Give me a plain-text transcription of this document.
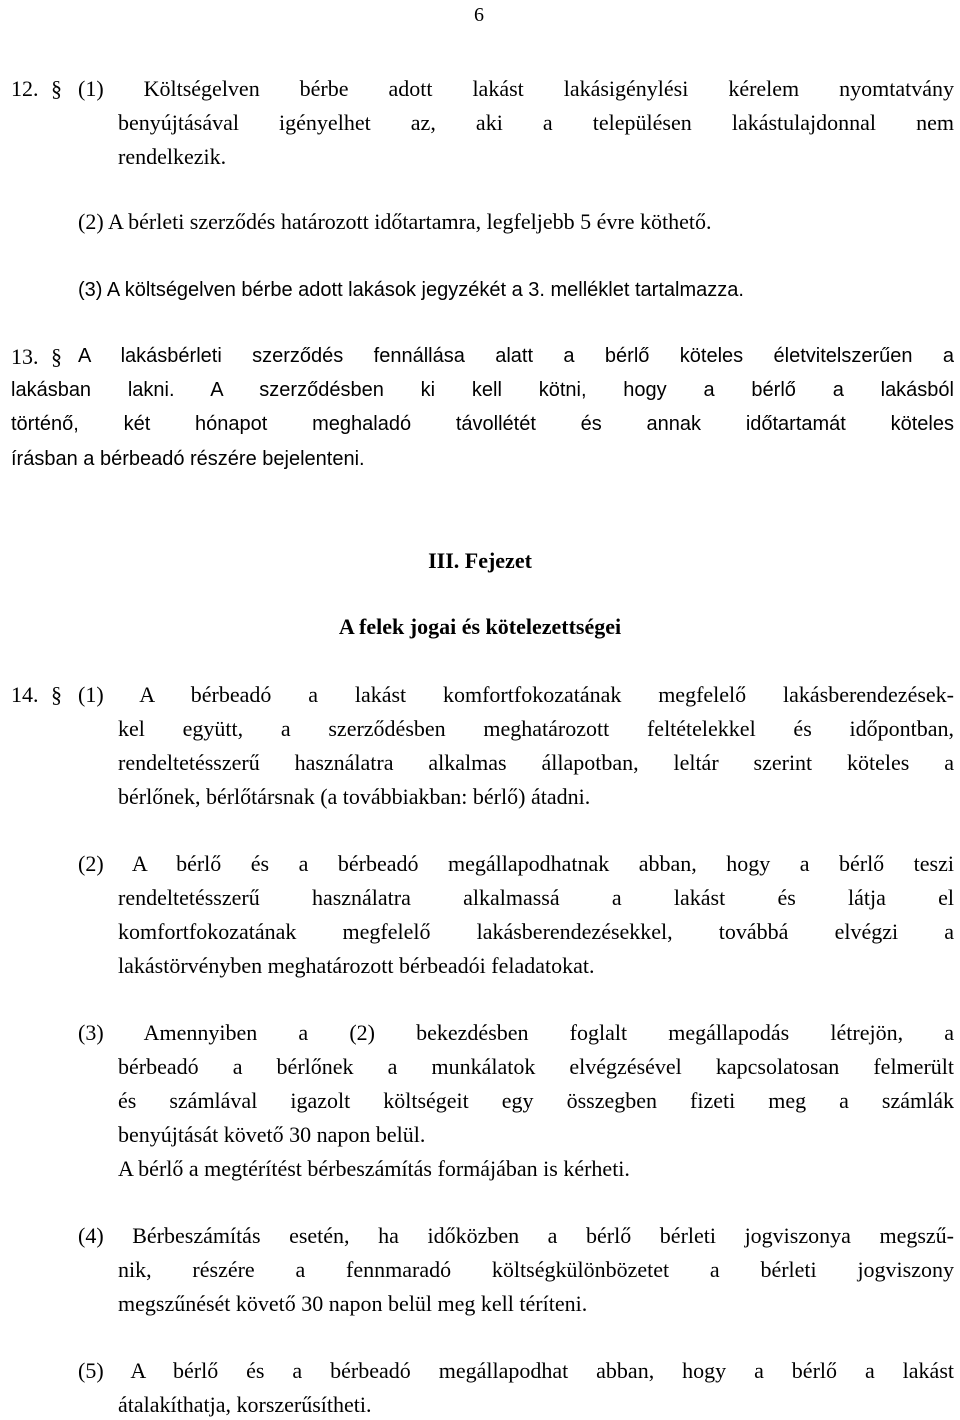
6
12. § (1) Költségelven bérbe adott lakást lakásigénylési kérelem nyomtatvány
benyújtásával igényelhet az, aki a településen lakástulajdonnal nem
rendelkezik.
(2) A bérleti szerződés határozott időtartamra, legfeljebb 5 évre köthető.
(3) A költségelven bérbe adott lakások jegyzékét a 3. melléklet tartalmazza.
13. § A lakásbérleti szerződés fennállása alatt a bérlő köteles életvitelszerűen a
lakásban lakni. A szerződésben ki kell kötni, hogy a bérlő a lakásból
történő, két hónapot meghaladó távollétét és annak időtartamát köteles
írásban a bérbeadó részére bejelenteni.
III. Fejezet
A felek jogai és kötelezettségei
14. § (1) A bérbeadó a lakást komfortfokozatának megfelelő lakásberendezések-
kel együtt, a szerződésben meghatározott feltételekkel és időpontban,
rendeltetésszerű használatra alkalmas állapotban, leltár szerint köteles a
bérlőnek, bérlőtársnak (a továbbiakban: bérlő) átadni.
(2) A bérlő és a bérbeadó megállapodhatnak abban, hogy a bérlő teszi
rendeltetésszerű használatra alkalmassá a lakást és látja el
komfortfokozatának megfelelő lakásberendezésekkel, továbbá elvégzi a
lakástörvényben meghatározott bérbeadói feladatokat.
(3) Amennyiben a (2) bekezdésben foglalt megállapodás létrejön, a
bérbeadó a bérlőnek a munkálatok elvégzésével kapcsolatosan felmerült
és számlával igazolt költségeit egy összegben fizeti meg a számlák
benyújtását követő 30 napon belül.
A bérlő a megtérítést bérbeszámítás formájában is kérheti.
(4) Bérbeszámítás esetén, ha időközben a bérlő bérleti jogviszonya megszű-
nik, részére a fennmaradó költségkülönbözetet a bérleti jogviszony
megszűnését követő 30 napon belül meg kell téríteni.
(5) A bérlő és a bérbeadó megállapodhat abban, hogy a bérlő a lakást
átalakíthatja, korszerűsítheti.
